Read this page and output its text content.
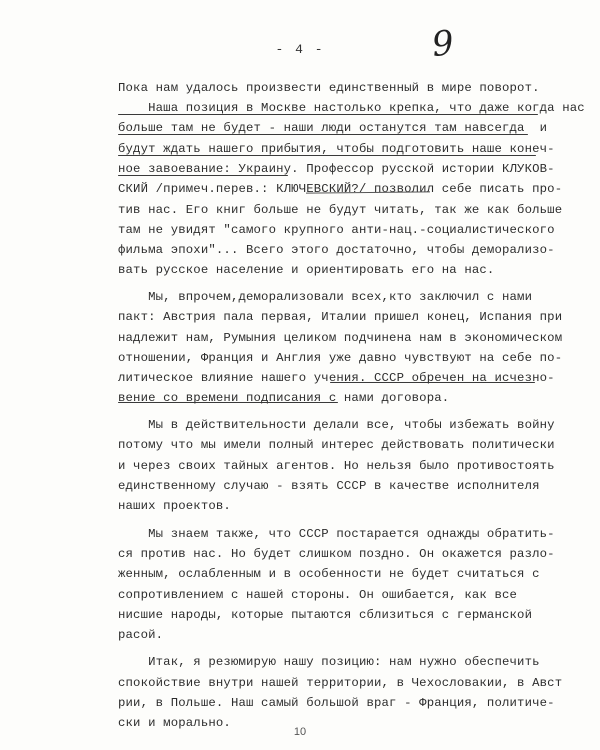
- 4 -	9
Пока нам удалось произвести единственный в мире поворот.
Наша позиция в Москве настолько крепка, что даже когда нас
больше там не будет - наши люди останутся там навсегда  и
будут ждать нашего прибытия, чтобы подготовить наше конеч-
ное завоевание: Украину. Профессор русской истории КЛУКОВ-
СКИЙ /примеч.перев.: КЛЮЧЕВСКИЙ?/ позволил себе писать про-
тив нас. Его книг больше не будут читать, так же как больше
там не увидят "самого крупного анти-нац.-социалистического
фильма эпохи"... Всего этого достаточно, чтобы деморализо-
вать русское население и ориентировать его на нас.
Мы, впрочем,деморализовали всех,кто заключил с нами
пакт: Австрия пала первая, Италии пришел конец, Испания при
надлежит нам, Румыния целиком подчинена нам в экономическом
отношении, Франция и Англия уже давно чувствуют на себе по-
литическое влияние нашего учения. СССР обречен на исчезно-
вение со времени подписания с нами договора.
Мы в действительности делали все, чтобы избежать войну
потому что мы имели полный интерес действовать политически
и через своих тайных агентов. Но нельзя было противостоять
единственному случаю - взять СССР в качестве исполнителя
наших проектов.
Мы знаем также, что СССР постарается однажды обратить-
ся против нас. Но будет слишком поздно. Он окажется разло-
женным, ослабленным и в особенности не будет считаться с
сопротивлением с нашей стороны. Он ошибается, как все
нисшие народы, которые пытаются сблизиться с германской
расой.
Итак, я резюмирую нашу позицию: нам нужно обеспечить
спокойствие внутри нашей территории, в Чехословакии, в Авст
рии, в Польше. Наш самый большой враг - Франция, политиче-
ски и морально.
10
